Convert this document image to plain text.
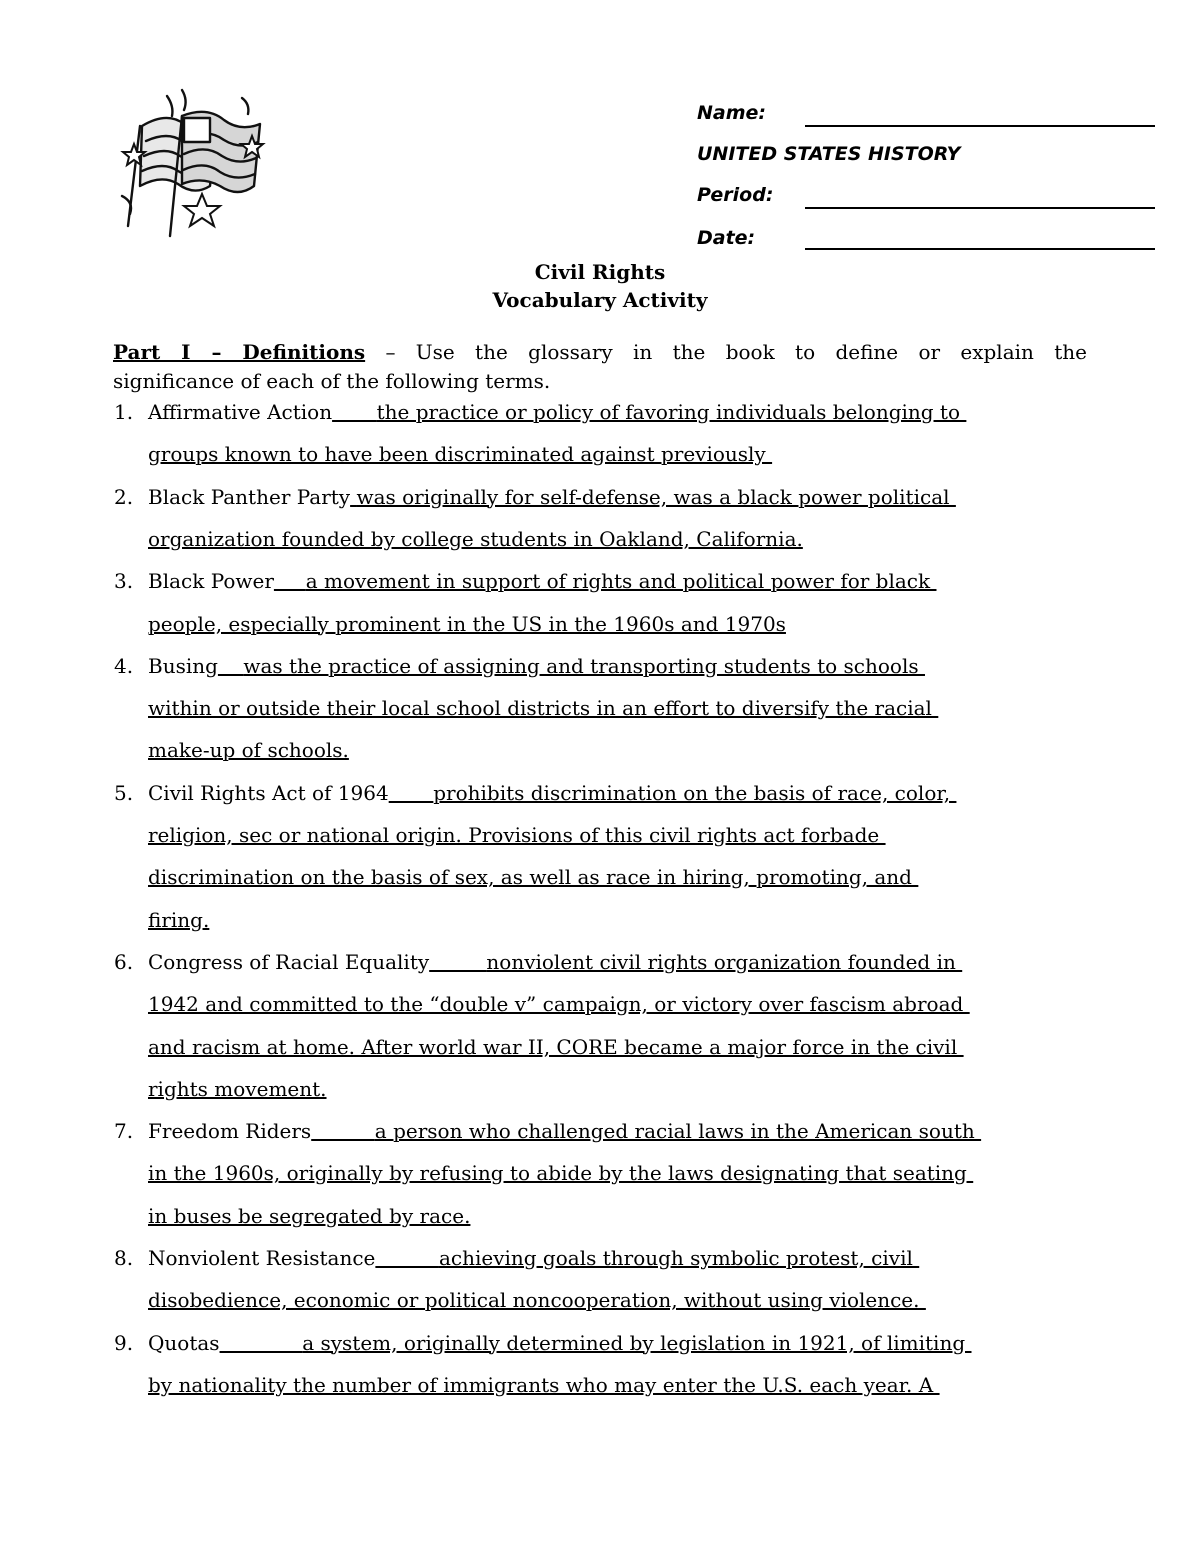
Name:
UNITED STATES HISTORY
Period:
Date:
Civil Rights
Vocabulary Activity
Part I – Definitions – Use the glossary in the book to define or explain the
significance of each of the following terms.
1. Affirmative Action the practice or policy of favoring individuals belonging to
groups known to have been discriminated against previously
2. Black Panther Party was originally for self-defense, was a black power political
organization founded by college students in Oakland, California.
3. Black Power a movement in support of rights and political power for black
people, especially prominent in the US in the 1960s and 1970s
4. Busing was the practice of assigning and transporting students to schools
within or outside their local school districts in an effort to diversify the racial
make-up of schools.
5. Civil Rights Act of 1964 prohibits discrimination on the basis of race, color,
religion, sec or national origin. Provisions of this civil rights act forbade
discrimination on the basis of sex, as well as race in hiring, promoting, and
firing.
6. Congress of Racial Equality	nonviolent civil rights organization founded in
1942 and committed to the “double v” campaign, or victory over fascism abroad
and racism at home. After world war II, CORE became a major force in the civil
rights movement.
7. Freedom Riders	a person who challenged racial laws in the American south
in the 1960s, originally by refusing to abide by the laws designating that seating
in buses be segregated by race.
8. Nonviolent Resistance	achieving goals through symbolic protest, civil
disobedience, economic or political noncooperation, without using violence.
9. Quotas	a system, originally determined by legislation in 1921, of limiting
by nationality the number of immigrants who may enter the U.S. each year. A
